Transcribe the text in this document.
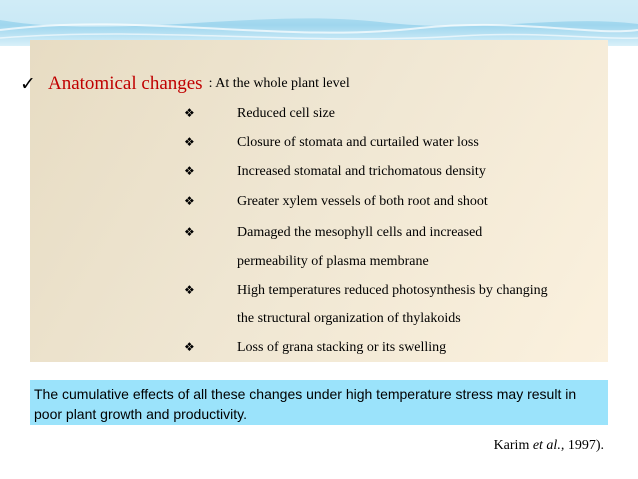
✓ Anatomical changes : At the whole plant level
❖	Reduced cell size
❖	Closure of stomata and curtailed water loss
❖	Increased stomatal and trichomatous density
❖	Greater xylem vessels of both root and shoot
❖	Damaged the mesophyll cells and increased
permeability of plasma membrane
❖	High temperatures reduced photosynthesis by changing
the structural organization of thylakoids
❖	Loss of grana stacking or its swelling
The cumulative effects of all these changes under high temperature stress may result in poor plant growth and productivity.
Karim et al., 1997).
